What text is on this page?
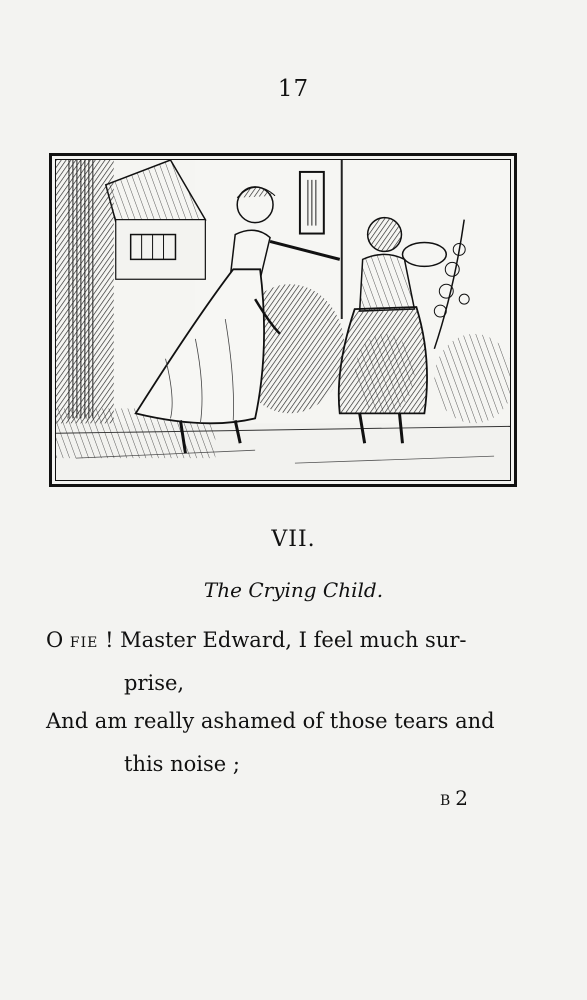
17
VII.
The Crying Child.
O FIE ! Master Edward, I feel much sur-
prise,
And am really ashamed of those tears and
this noise ;
B 2
